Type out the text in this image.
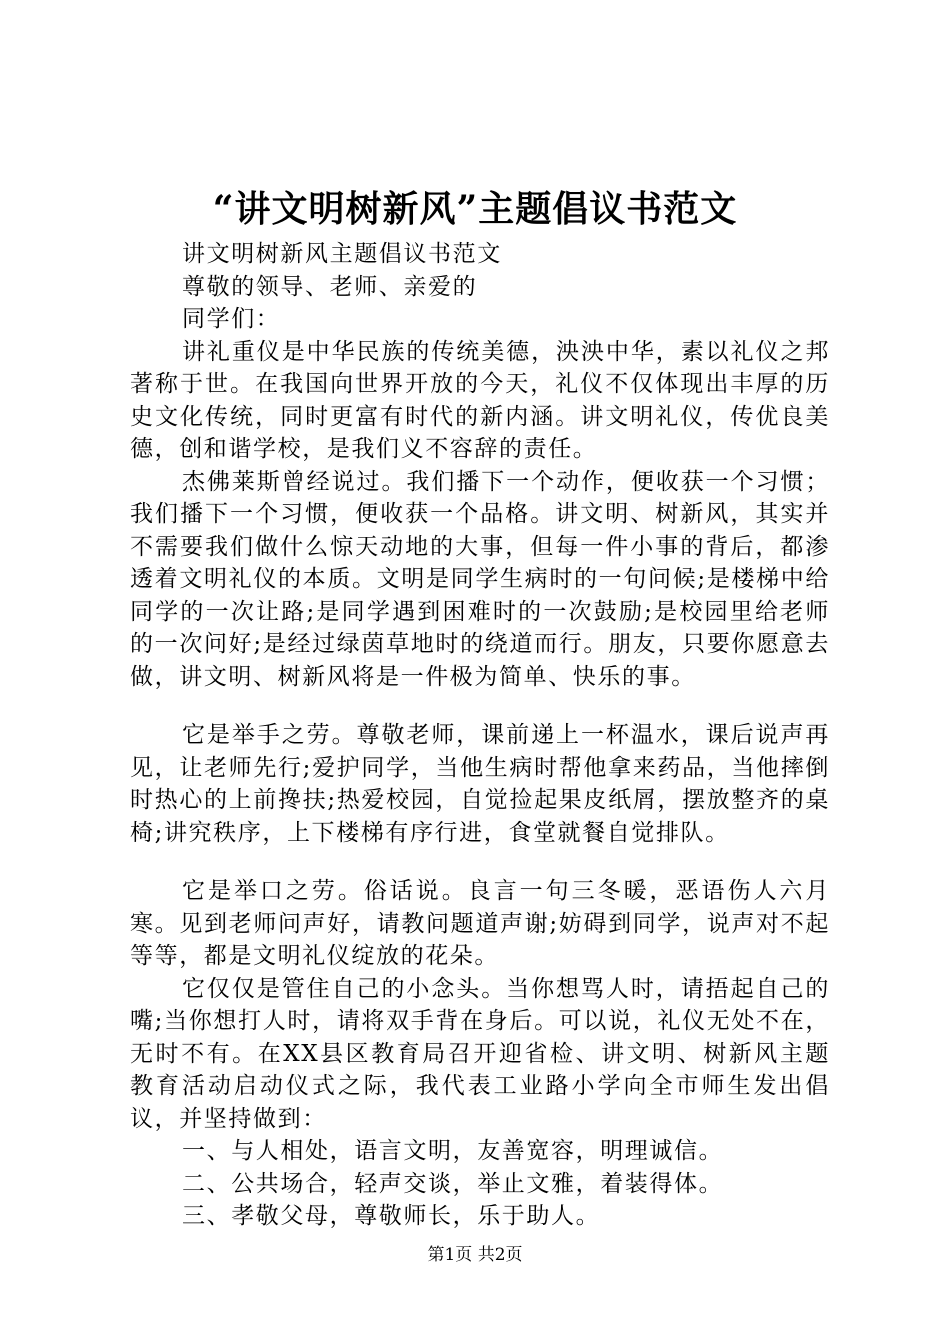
“讲文明树新风”主题倡议书范文

讲文明树新风主题倡议书范文

尊敬的领导、老师、亲爱的

同学们：

讲礼重仪是中华民族的传统美德，泱泱中华，素以礼仪之邦著称于世。在我国向世界开放的今天，礼仪不仅体现出丰厚的历史文化传统，同时更富有时代的新内涵。讲文明礼仪，传优良美德，创和谐学校，是我们义不容辞的责任。

杰佛莱斯曾经说过。我们播下一个动作，便收获一个习惯；我们播下一个习惯，便收获一个品格。讲文明、树新风，其实并不需要我们做什么惊天动地的大事，但每一件小事的背后，都渗透着文明礼仪的本质。文明是同学生病时的一句问候;是楼梯中给同学的一次让路;是同学遇到困难时的一次鼓励;是校园里给老师的一次问好;是经过绿茵草地时的绕道而行。朋友，只要你愿意去做，讲文明、树新风将是一件极为简单、快乐的事。

它是举手之劳。尊敬老师，课前递上一杯温水，课后说声再见，让老师先行;爱护同学，当他生病时帮他拿来药品，当他摔倒时热心的上前搀扶;热爱校园，自觉捡起果皮纸屑，摆放整齐的桌椅;讲究秩序，上下楼梯有序行进，食堂就餐自觉排队。

它是举口之劳。俗话说。良言一句三冬暖，恶语伤人六月寒。见到老师问声好，请教问题道声谢;妨碍到同学，说声对不起等等，都是文明礼仪绽放的花朵。

它仅仅是管住自己的小念头。当你想骂人时，请捂起自己的嘴;当你想打人时，请将双手背在身后。可以说，礼仪无处不在，无时不有。在XX县区教育局召开迎省检、讲文明、树新风主题教育活动启动仪式之际，我代表工业路小学向全市师生发出倡议，并坚持做到：

一、与人相处，语言文明，友善宽容，明理诚信。

二、公共场合，轻声交谈，举止文雅，着装得体。

三、孝敬父母，尊敬师长，乐于助人。

第1页 共2页
